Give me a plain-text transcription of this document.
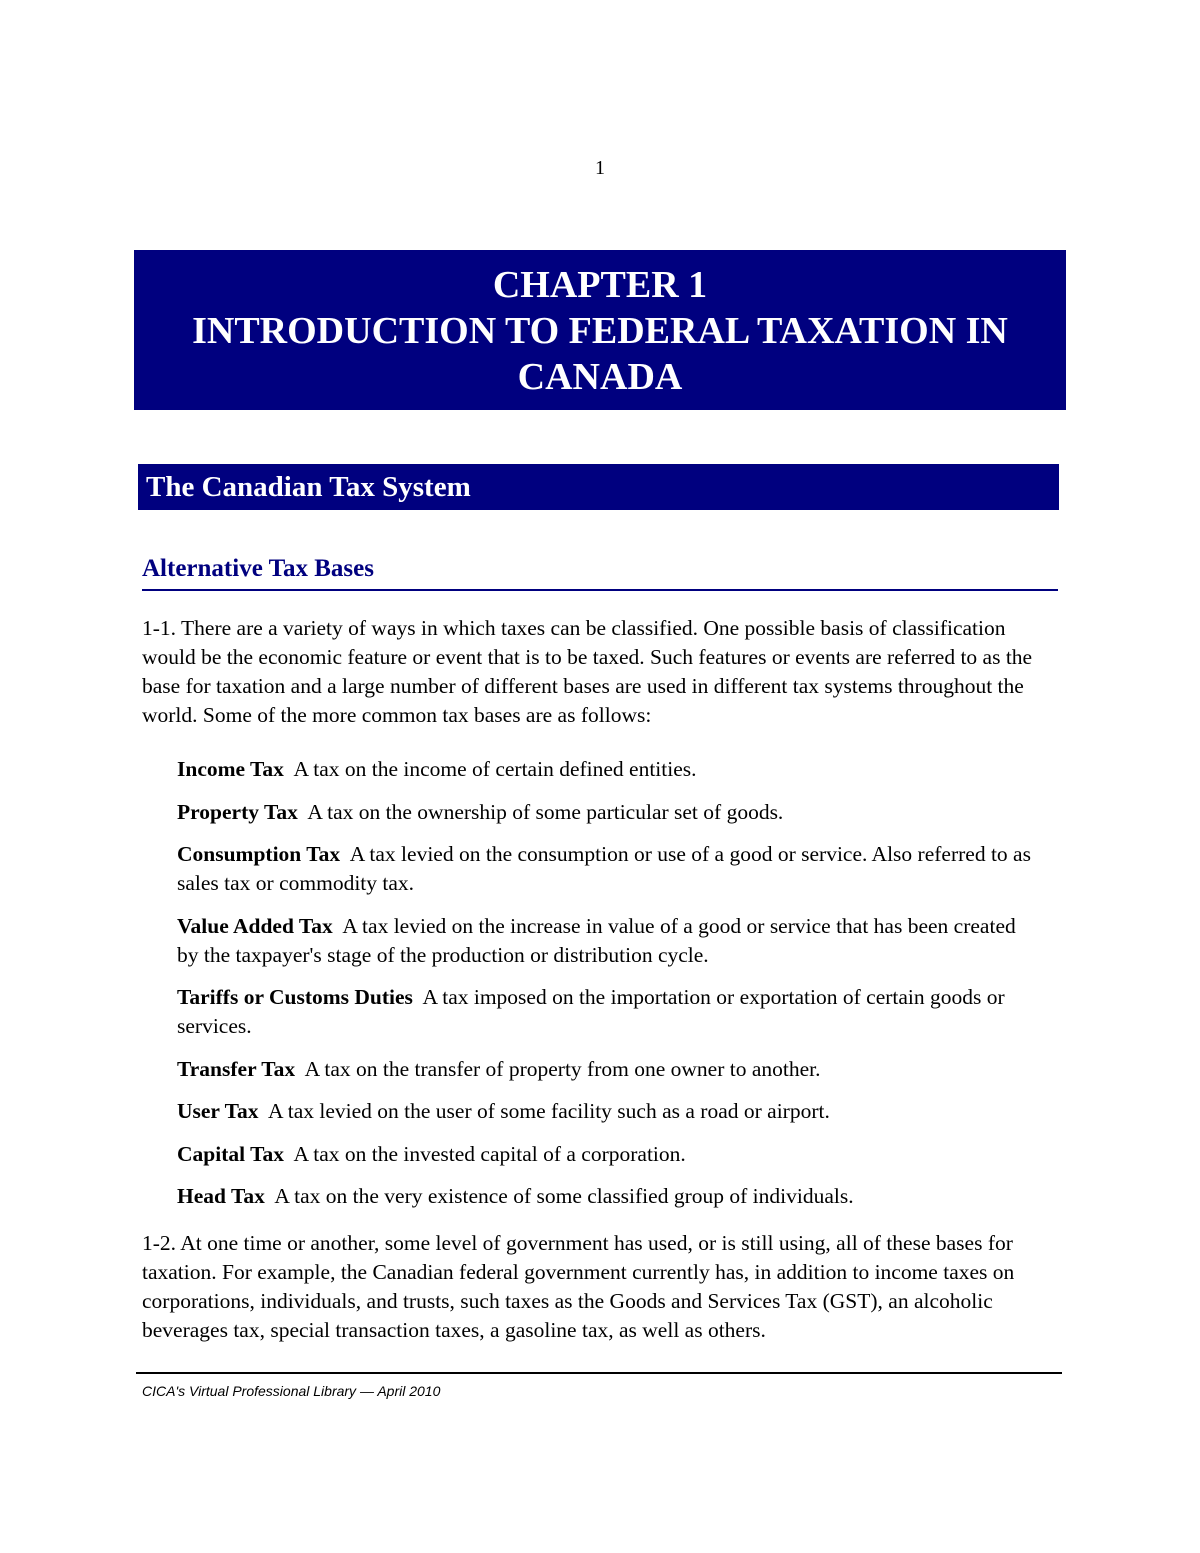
1
CHAPTER 1
INTRODUCTION TO FEDERAL TAXATION IN
CANADA
The Canadian Tax System
Alternative Tax Bases

1-1. There are a variety of ways in which taxes can be classified. One possible basis of classification would be the economic feature or event that is to be taxed. Such features or events are referred to as the base for taxation and a large number of different bases are used in different tax systems throughout the world. Some of the more common tax bases are as follows:

Income Tax A tax on the income of certain defined entities.
Property Tax A tax on the ownership of some particular set of goods.
Consumption Tax A tax levied on the consumption or use of a good or service. Also referred to as sales tax or commodity tax.
Value Added Tax A tax levied on the increase in value of a good or service that has been created by the taxpayer's stage of the production or distribution cycle.
Tariffs or Customs Duties A tax imposed on the importation or exportation of certain goods or services.
Transfer Tax A tax on the transfer of property from one owner to another.
User Tax A tax levied on the user of some facility such as a road or airport.
Capital Tax A tax on the invested capital of a corporation.
Head Tax A tax on the very existence of some classified group of individuals.

1-2. At one time or another, some level of government has used, or is still using, all of these bases for taxation. For example, the Canadian federal government currently has, in addition to income taxes on corporations, individuals, and trusts, such taxes as the Goods and Services Tax (GST), an alcoholic beverages tax, special transaction taxes, a gasoline tax, as well as others.

CICA's Virtual Professional Library — April 2010
